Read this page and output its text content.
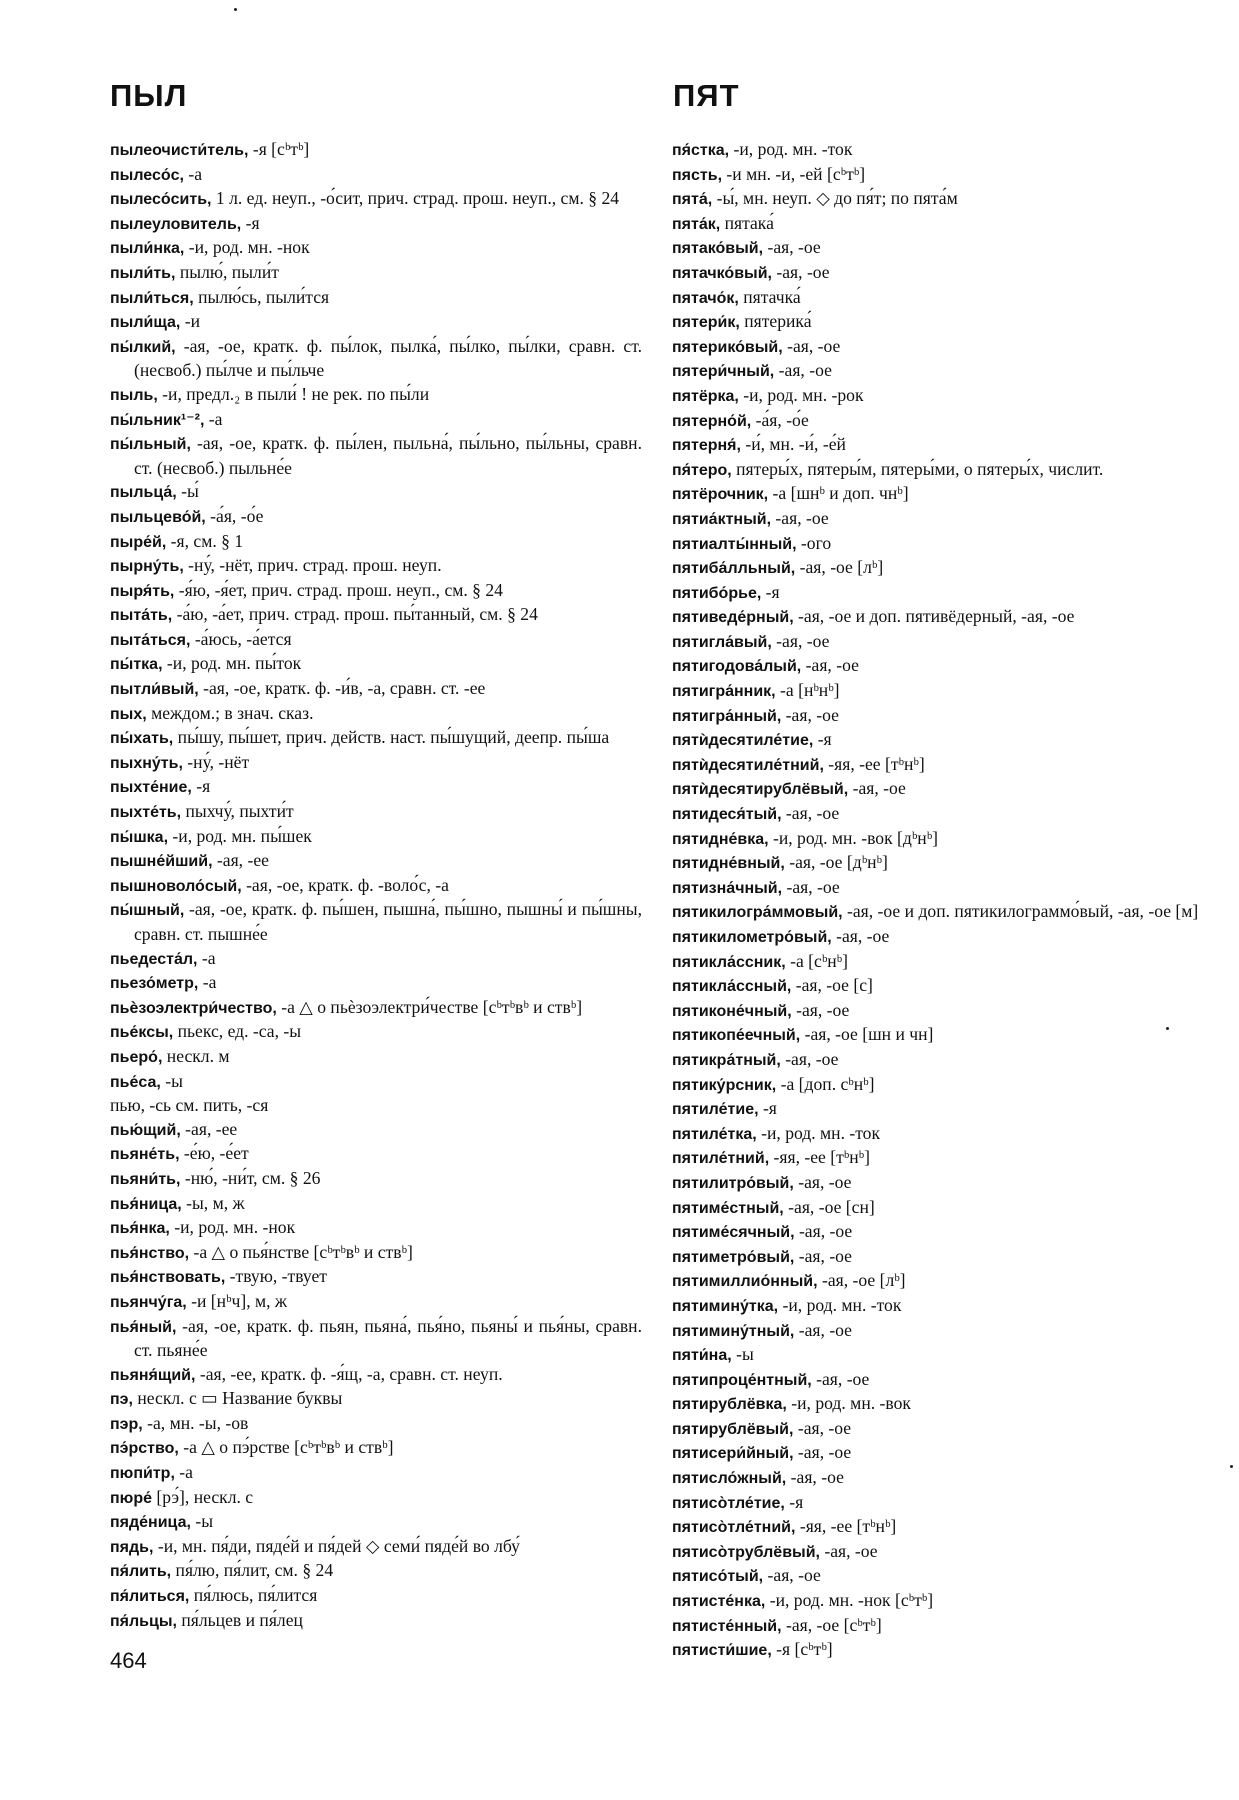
ПЫЛ	ПЯТ

пылеочисти́тель, -я [сᵇтᵇ]

пылесо́с, -а

пылесо́сить, 1 л. ед. неуп., -о́сит, прич. страд. прош. неуп., см. § 24

пылеуловитель, -я

пыли́нка, -и, род. мн. -нок

пыли́ть, пылю́, пыли́т

пыли́ться, пылю́сь, пыли́тся

пыли́ща, -и

пы́лкий, -ая, -ое, кратк. ф. пы́лок, пылка́, пы́лко, пы́лки, сравн. ст. (несвоб.) пы́лче и пы́льче

пыль, -и, предл.₂ в пыли́ ! не рек. по пы́ли

пы́льник¹⁻², -а

пы́льный, -ая, -ое, кратк. ф. пы́лен, пыльна́, пы́льно, пы́льны, сравн. ст. (несвоб.) пыльне́е

пыльца́, -ы́

пыльцево́й, -а́я, -о́е

пыре́й, -я, см. § 1

пырну́ть, -ну́, -нёт, прич. страд. прош. неуп.

пыря́ть, -я́ю, -я́ет, прич. страд. прош. неуп., см. § 24

пыта́ть, -а́ю, -а́ет, прич. страд. прош. пы́танный, см. § 24

пыта́ться, -а́юсь, -а́ется

пы́тка, -и, род. мн. пы́ток

пытли́вый, -ая, -ое, кратк. ф. -и́в, -а, сравн. ст. -ее

пых, междом.; в знач. сказ.

пы́хать, пы́шу, пы́шет, прич. действ. наст. пы́шущий, деепр. пы́ша

пыхну́ть, -ну́, -нёт

пыхте́ние, -я

пыхте́ть, пыхчу́, пыхти́т

пы́шка, -и, род. мн. пы́шек

пышне́йший, -ая, -ее

пышноволо́сый, -ая, -ое, кратк. ф. -воло́с, -а

пы́шный, -ая, -ое, кратк. ф. пы́шен, пышна́, пы́шно, пышны́ и пы́шны, сравн. ст. пышне́е

пьедеста́л, -а

пьезо́метр, -а

пьѐзоэлектри́чество, -а △ о пьѐзоэлектри́честве [сᵇтᵇвᵇ и ствᵇ]

пье́ксы, пьекс, ед. -са, -ы

пьеро́, нескл. м

пье́са, -ы

пью, -сь см. пить, -ся

пью́щий, -ая, -ее

пьяне́ть, -е́ю, -е́ет

пьяни́ть, -ню́, -ни́т, см. § 26

пья́ница, -ы, м, ж

пья́нка, -и, род. мн. -нок

пья́нство, -а △ о пья́нстве [сᵇтᵇвᵇ и ствᵇ]

пья́нствовать, -твую, -твует

пьянчу́га, -и [нᵇч], м, ж

пья́ный, -ая, -ое, кратк. ф. пьян, пьяна́, пья́но, пьяны́ и пья́ны, сравн. ст. пьяне́е

пьяня́щий, -ая, -ее, кратк. ф. -я́щ, -а, сравн. ст. неуп.

пэ, нескл. с ▭ Название буквы

пэр, -а, мн. -ы, -ов

пэ́рство, -а △ о пэ́рстве [сᵇтᵇвᵇ и ствᵇ]

пюпи́тр, -а

пюре́ [рэ́], нескл. с

пяде́ница, -ы

пядь, -и, мн. пя́ди, пяде́й и пя́дей ◇ семи́ пяде́й во лбу́

пя́лить, пя́лю, пя́лит, см. § 24

пя́литься, пя́люсь, пя́лится

пя́льцы, пя́льцев и пя́лец

пя́стка, -и, род. мн. -ток

пясть, -и мн. -и, -ей [сᵇтᵇ]

пята́, -ы́, мн. неуп. ◇ до пя́т; по пята́м

пята́к, пятака́

пятако́вый, -ая, -ое

пятачко́вый, -ая, -ое

пятачо́к, пятачка́

пятери́к, пятерика́

пятерико́вый, -ая, -ое

пятери́чный, -ая, -ое

пятёрка, -и, род. мн. -рок

пятерно́й, -а́я, -о́е

пятерня́, -и́, мн. -и́, -е́й

пя́теро, пятеры́х, пятеры́м, пятеры́ми, о пятеры́х, числит.

пятёрочник, -а [шнᵇ и доп. чнᵇ]

пятиа́ктный, -ая, -ое

пятиалты́нный, -ого

пятиба́лльный, -ая, -ое [лᵇ]

пятибо́рье, -я

пятиведе́рный, -ая, -ое и доп. пятивёдерный, -ая, -ое

пятигла́вый, -ая, -ое

пятигодова́лый, -ая, -ое

пятигра́нник, -а [нᵇнᵇ]

пятигра́нный, -ая, -ое

пятѝдесятиле́тие, -я

пятѝдесятиле́тний, -яя, -ее [тᵇнᵇ]

пятѝдесятирублёвый, -ая, -ое

пятидеся́тый, -ая, -ое

пятидне́вка, -и, род. мн. -вок [дᵇнᵇ]

пятидне́вный, -ая, -ое [дᵇнᵇ]

пятизна́чный, -ая, -ое

пятикилогра́ммовый, -ая, -ое и доп. пятикилограммо́вый, -ая, -ое [м]

пятикилометро́вый, -ая, -ое

пятикла́ссник, -а [сᵇнᵇ]

пятикла́ссный, -ая, -ое [с]

пятиконе́чный, -ая, -ое

пятикопе́ечный, -ая, -ое [шн и чн]

пятикра́тный, -ая, -ое

пятику́рсник, -а [доп. сᵇнᵇ]

пятиле́тие, -я

пятиле́тка, -и, род. мн. -ток

пятиле́тний, -яя, -ее [тᵇнᵇ]

пятилитро́вый, -ая, -ое

пятиме́стный, -ая, -ое [сн]

пятиме́сячный, -ая, -ое

пятиметро́вый, -ая, -ое

пятимиллио́нный, -ая, -ое [лᵇ]

пятимину́тка, -и, род. мн. -ток

пятимину́тный, -ая, -ое

пяти́на, -ы

пятипроце́нтный, -ая, -ое

пятирублёвка, -и, род. мн. -вок

пятирублёвый, -ая, -ое

пятисери́йный, -ая, -ое

пятисло́жный, -ая, -ое

пятисо̀тле́тие, -я

пятисо̀тле́тний, -яя, -ее [тᵇнᵇ]

пятисо̀трублёвый, -ая, -ое

пятисо́тый, -ая, -ое

пятисте́нка, -и, род. мн. -нок [сᵇтᵇ]

пятисте́нный, -ая, -ое [сᵇтᵇ]

пятисти́шие, -я [сᵇтᵇ]

464
